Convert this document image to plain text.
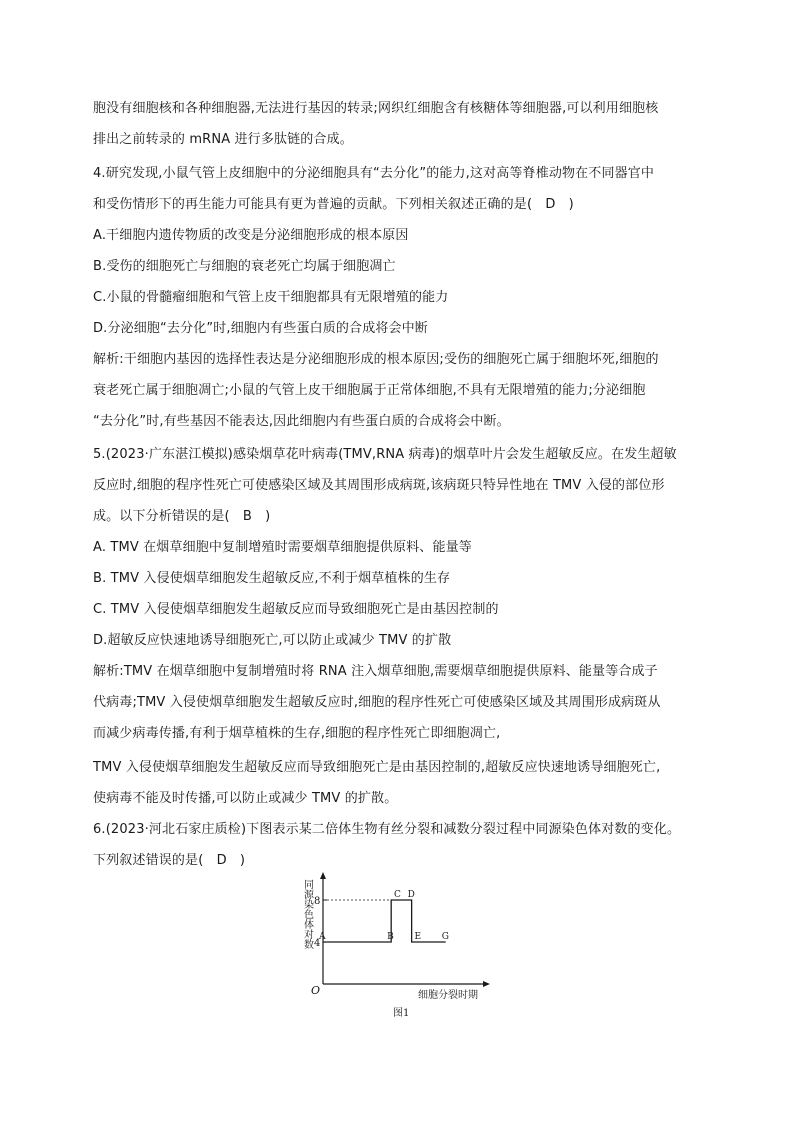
胞没有细胞核和各种细胞器,无法进行基因的转录;网织红细胞含有核糖体等细胞器,可以利用细胞核
排出之前转录的 mRNA 进行多肽链的合成。
4.研究发现,小鼠气管上皮细胞中的分泌细胞具有“去分化”的能力,这对高等脊椎动物在不同器官中
和受伤情形下的再生能力可能具有更为普遍的贡献。下列相关叙述正确的是(　D　)
A.干细胞内遗传物质的改变是分泌细胞形成的根本原因
B.受伤的细胞死亡与细胞的衰老死亡均属于细胞凋亡
C.小鼠的骨髓瘤细胞和气管上皮干细胞都具有无限增殖的能力
D.分泌细胞“去分化”时,细胞内有些蛋白质的合成将会中断
解析:干细胞内基因的选择性表达是分泌细胞形成的根本原因;受伤的细胞死亡属于细胞坏死,细胞的
衰老死亡属于细胞凋亡;小鼠的气管上皮干细胞属于正常体细胞,不具有无限增殖的能力;分泌细胞
“去分化”时,有些基因不能表达,因此细胞内有些蛋白质的合成将会中断。
5.(2023·广东湛江模拟)感染烟草花叶病毒(TMV,RNA 病毒)的烟草叶片会发生超敏反应。在发生超敏
反应时,细胞的程序性死亡可使感染区域及其周围形成病斑,该病斑只特异性地在 TMV 入侵的部位形
成。以下分析错误的是(　B　)
A. TMV 在烟草细胞中复制增殖时需要烟草细胞提供原料、能量等
B. TMV 入侵使烟草细胞发生超敏反应,不利于烟草植株的生存
C. TMV 入侵使烟草细胞发生超敏反应而导致细胞死亡是由基因控制的
D.超敏反应快速地诱导细胞死亡,可以防止或减少 TMV 的扩散
解析:TMV 在烟草细胞中复制增殖时将 RNA 注入烟草细胞,需要烟草细胞提供原料、能量等合成子
代病毒;TMV 入侵使烟草细胞发生超敏反应时,细胞的程序性死亡可使感染区域及其周围形成病斑从
而减少病毒传播,有利于烟草植株的生存,细胞的程序性死亡即细胞凋亡,
TMV 入侵使烟草细胞发生超敏反应而导致细胞死亡是由基因控制的,超敏反应快速地诱导细胞死亡,
使病毒不能及时传播,可以防止或减少 TMV 的扩散。
6.(2023·河北石家庄质检)下图表示某二倍体生物有丝分裂和减数分裂过程中同源染色体对数的变化。
下列叙述错误的是(　D　)
同源染色体对数
O	细胞分裂时期
图1
4
8
A	B
C D
E G
